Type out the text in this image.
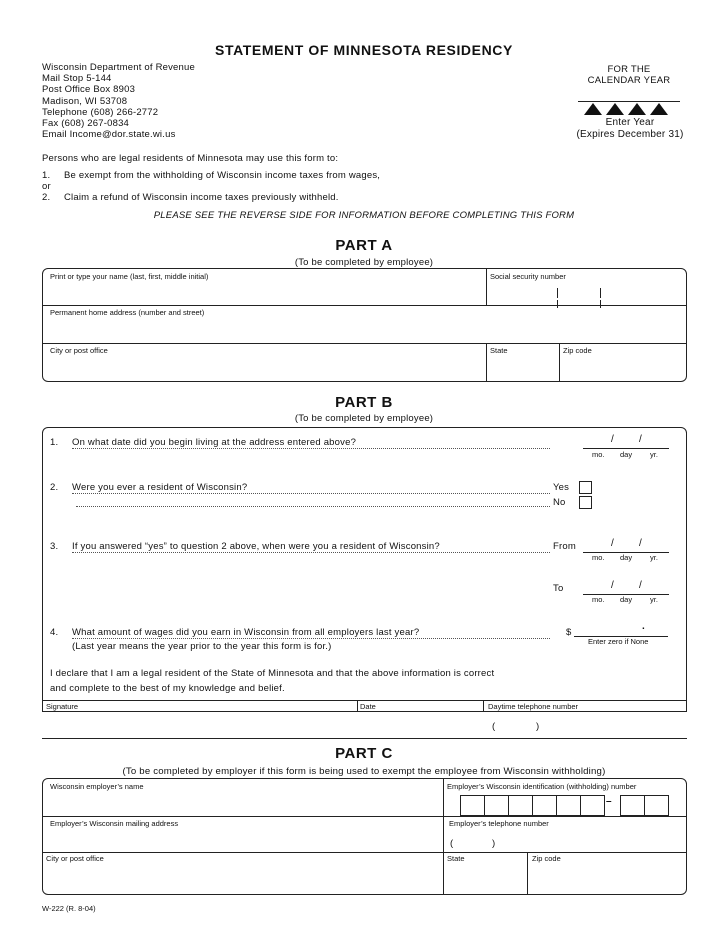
STATEMENT OF MINNESOTA RESIDENCY
Wisconsin Department of Revenue
Mail Stop 5-144
Post Office Box 8903
Madison, WI 53708
Telephone (608) 266-2772
Fax (608) 267-0834
Email Income@dor.state.wi.us
FOR THE
CALENDAR YEAR
Enter Year
(Expires December 31)
Persons who are legal residents of Minnesota may use this form to:
1. Be exempt from the withholding of Wisconsin income taxes from wages,
or
2. Claim a refund of Wisconsin income taxes previously withheld.
PLEASE SEE THE REVERSE SIDE FOR INFORMATION BEFORE COMPLETING THIS FORM
PART A
(To be completed by employee)
Print or type your name (last, first, middle initial)	Social security number
Permanent home address (number and street)
City or post office	State	Zip code
PART B
(To be completed by employee)
1. On what date did you begin living at the address entered above?	/	/
mo. day yr.
2. Were you ever a resident of Wisconsin?	Yes
No
3. If you answered “yes” to question 2 above, when were you a resident of Wisconsin?	From	/	/
mo. day yr.
To	/	/
mo. day yr.
4. What amount of wages did you earn in Wisconsin from all employers last year?
(Last year means the year prior to the year this form is for.)
$
.
Enter zero if None
I declare that I am a legal resident of the State of Minnesota and that the above information is correct
and complete to the best of my knowledge and belief.
Signature	Date	Daytime telephone number
(	)
PART C
(To be completed by employer if this form is being used to exempt the employee from Wisconsin withholding)
Wisconsin employer’s name	Employer’s Wisconsin identification (withholding) number
–
Employer’s Wisconsin mailing address	Employer’s telephone number
(	)
City or post office	State	Zip code
W-222 (R. 8-04)
